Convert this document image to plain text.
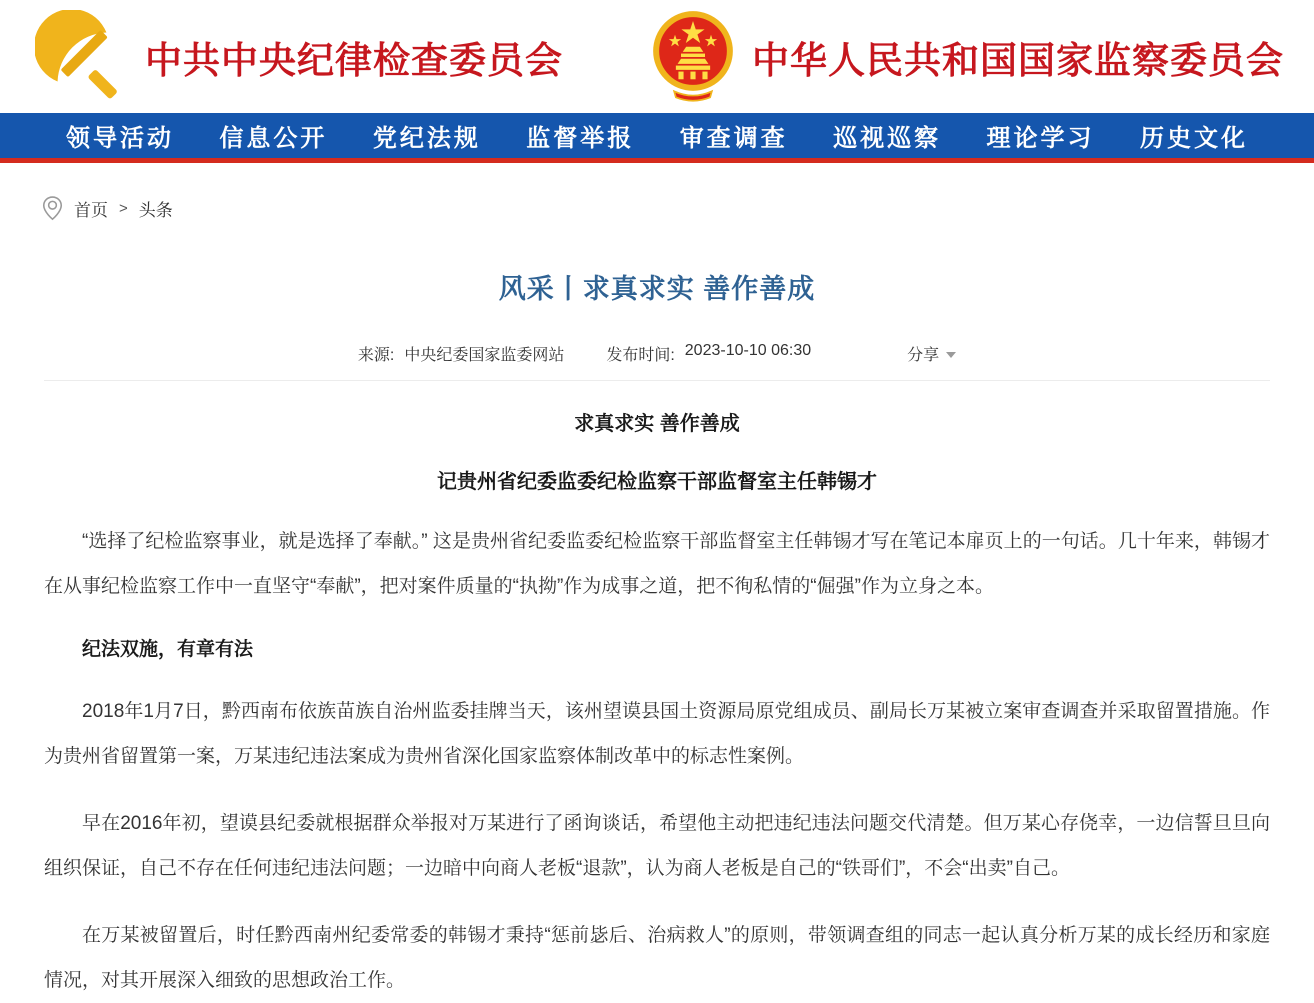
中共中央纪律检查委员会	中华人民共和国国家监察委员会
领导活动 信息公开 党纪法规 监督举报 审查调查 巡视巡察 理论学习 历史文化
首页 > 头条
风采丨求真求实 善作善成
来源: 中央纪委国家监委网站	发布时间: 2023-10-10 06:30	分享
求真求实 善作善成
记贵州省纪委监委纪检监察干部监督室主任韩锡才

“选择了纪检监察事业，就是选择了奉献。” 这是贵州省纪委监委纪检监察干部监督室主任韩锡才写在笔记本扉页上的一句话。几十年来，韩锡才在从事纪检监察工作中一直坚守“奉献”，把对案件质量的“执拗”作为成事之道，把不徇私情的“倔强”作为立身之本。

纪法双施，有章有法

2018年1月7日，黔西南布依族苗族自治州监委挂牌当天，该州望谟县国土资源局原党组成员、副局长万某被立案审查调查并采取留置措施。作为贵州省留置第一案，万某违纪违法案成为贵州省深化国家监察体制改革中的标志性案例。

早在2016年初，望谟县纪委就根据群众举报对万某进行了函询谈话，希望他主动把违纪违法问题交代清楚。但万某心存侥幸，一边信誓旦旦向组织保证，自己不存在任何违纪违法问题；一边暗中向商人老板“退款”，认为商人老板是自己的“铁哥们”，不会“出卖”自己。

在万某被留置后，时任黔西南州纪委常委的韩锡才秉持“惩前毖后、治病救人”的原则，带领调查组的同志一起认真分析万某的成长经历和家庭情况，对其开展深入细致的思想政治工作。
